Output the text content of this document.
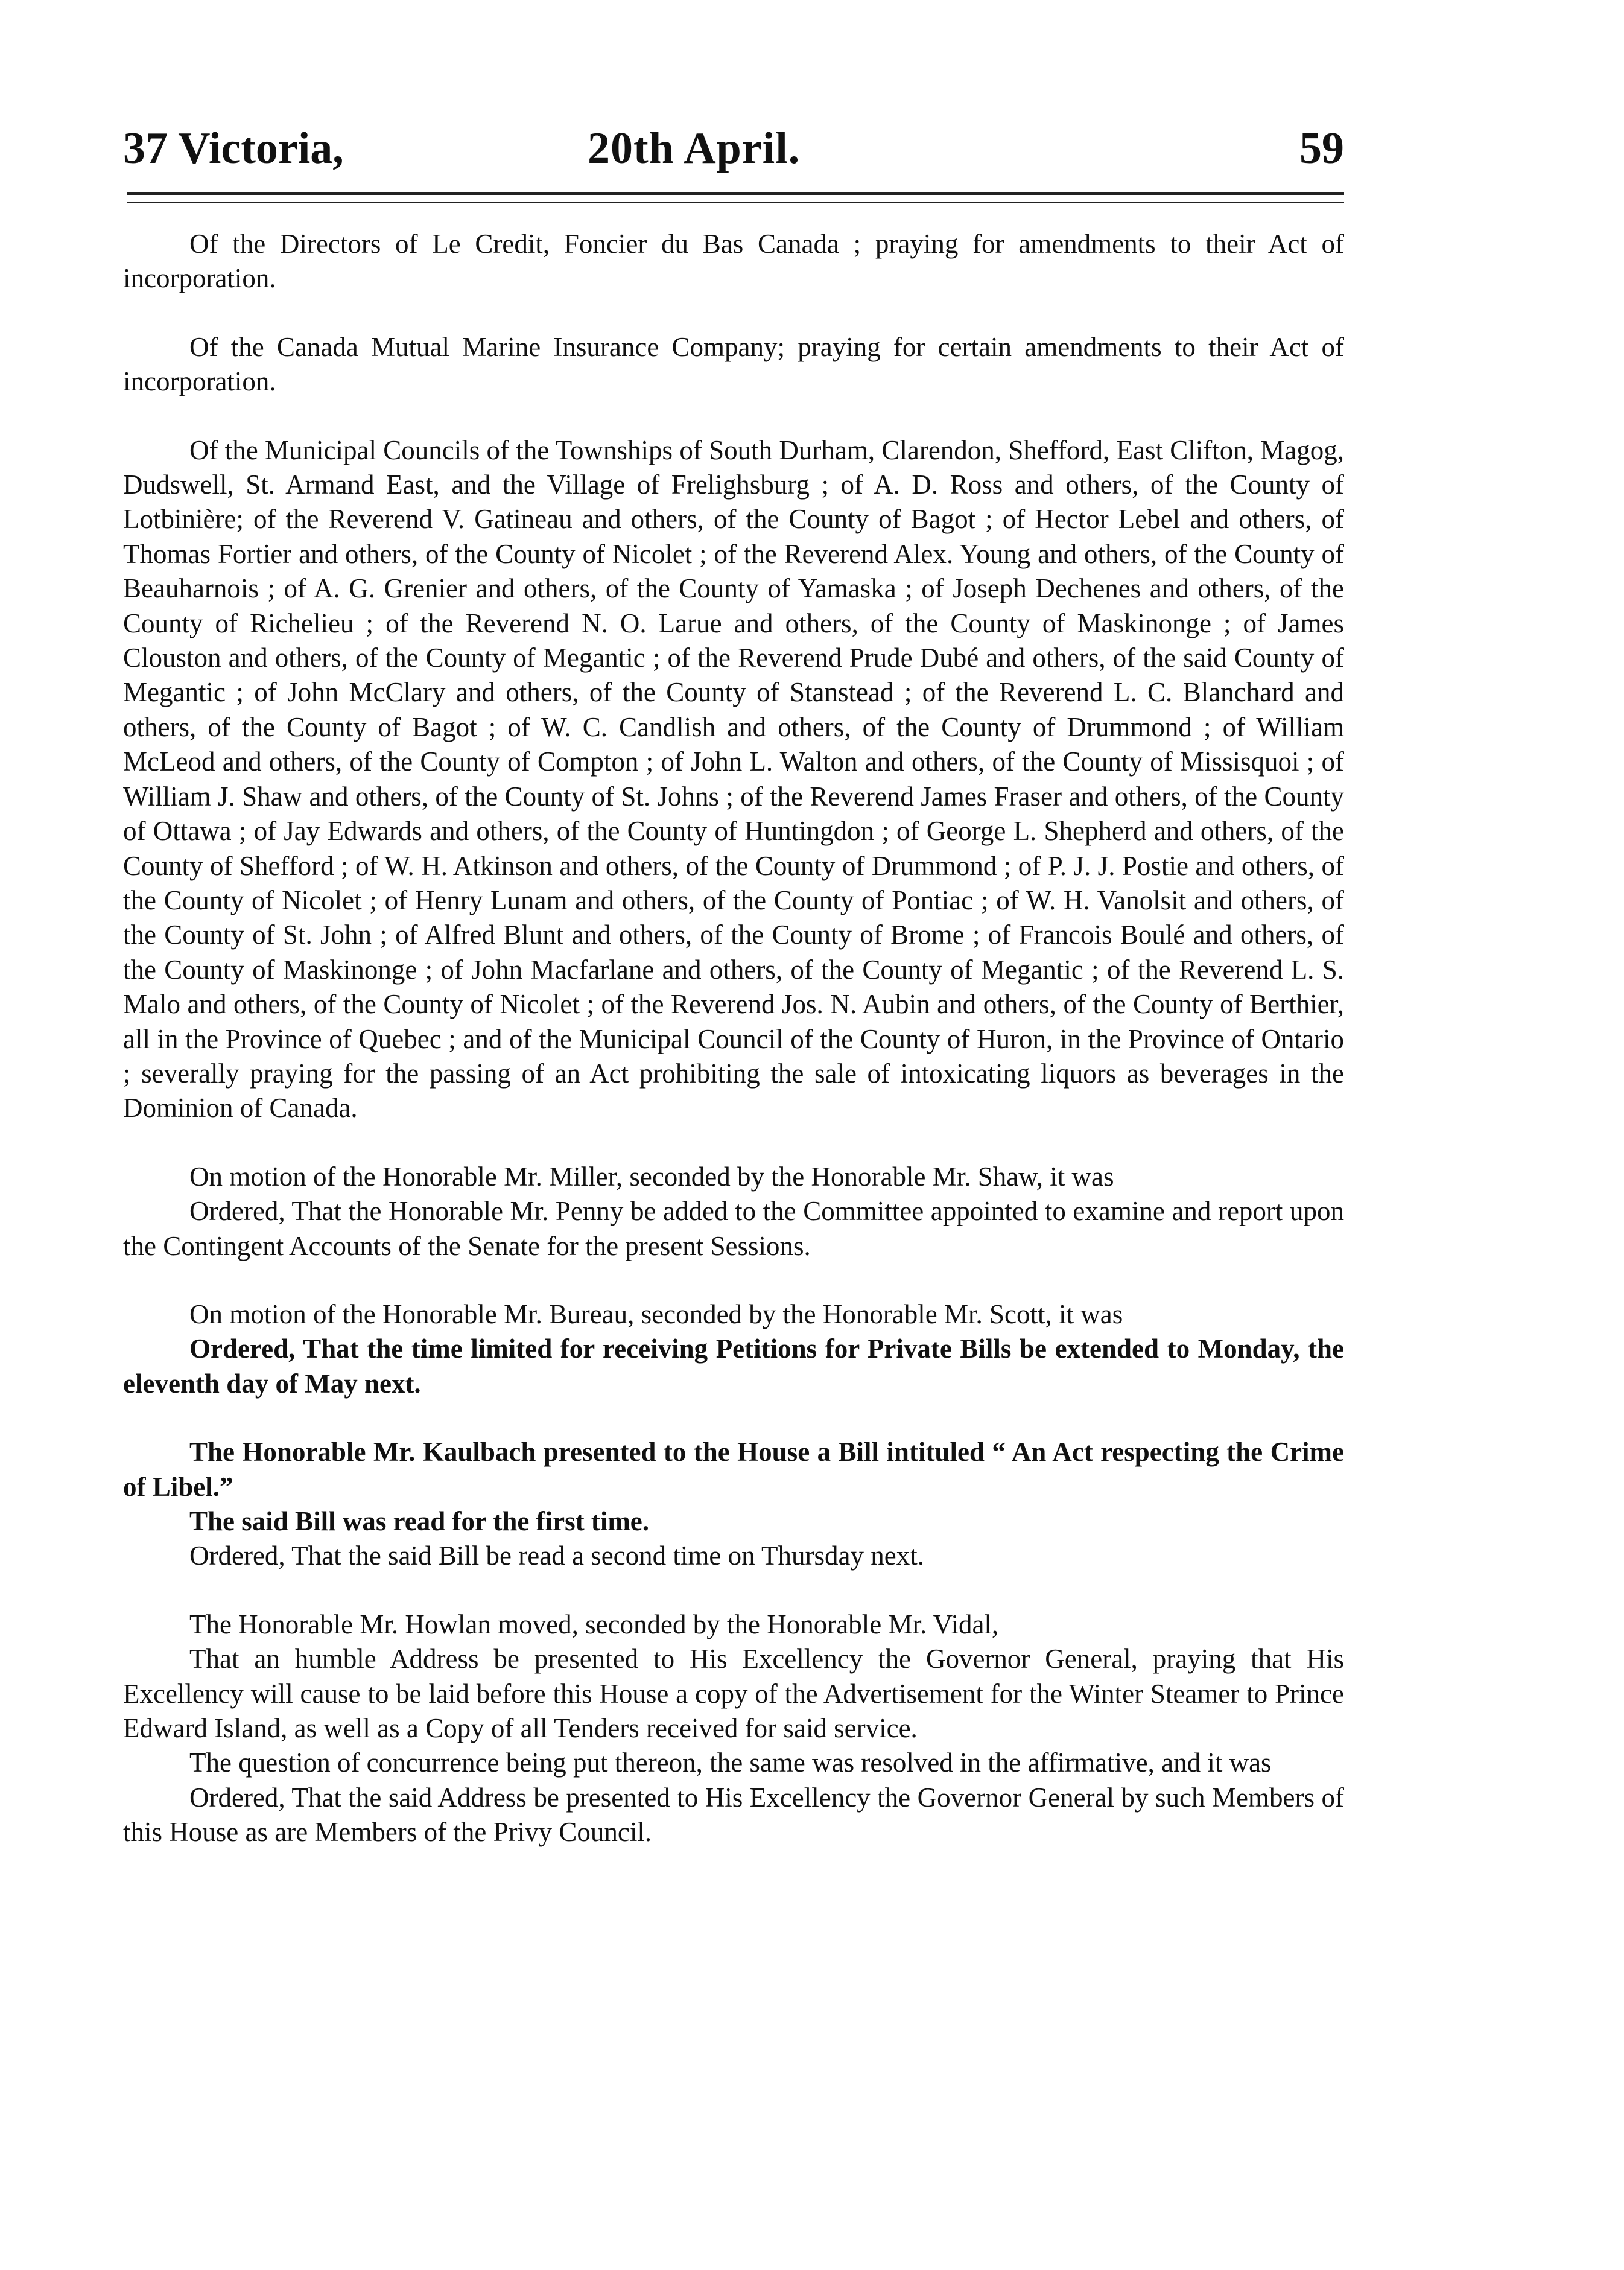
37 Victoria,	20th April.	59

Of the Directors of Le Credit, Foncier du Bas Canada ; praying for amendments to their Act of incorporation.

Of the Canada Mutual Marine Insurance Company; praying for certain amendments to their Act of incorporation.

Of the Municipal Councils of the Townships of South Durham, Clarendon, Shefford, East Clifton, Magog, Dudswell, St. Armand East, and the Village of Frelighsburg ; of A. D. Ross and others, of the County of Lotbinière; of the Reverend V. Gatineau and others, of the County of Bagot ; of Hector Lebel and others, of Thomas Fortier and others, of the County of Nicolet ; of the Reverend Alex. Young and others, of the County of Beauharnois ; of A. G. Grenier and others, of the County of Yamaska ; of Joseph Dechenes and others, of the County of Richelieu ; of the Reverend N. O. Larue and others, of the County of Maskinonge ; of James Clouston and others, of the County of Megantic ; of the Reverend Prude Dubé and others, of the said County of Megantic ; of John McClary and others, of the County of Stanstead ; of the Reverend L. C. Blanchard and others, of the County of Bagot ; of W. C. Candlish and others, of the County of Drummond ; of William McLeod and others, of the County of Compton ; of John L. Walton and others, of the County of Missisquoi ; of William J. Shaw and others, of the County of St. Johns ; of the Reverend James Fraser and others, of the County of Ottawa ; of Jay Edwards and others, of the County of Huntingdon ; of George L. Shepherd and others, of the County of Shefford ; of W. H. Atkinson and others, of the County of Drummond ; of P. J. J. Postie and others, of the County of Nicolet ; of Henry Lunam and others, of the County of Pontiac ; of W. H. Vanolsit and others, of the County of St. John ; of Alfred Blunt and others, of the County of Brome ; of Francois Boulé and others, of the County of Maskinonge ; of John Macfarlane and others, of the County of Megantic ; of the Reverend L. S. Malo and others, of the County of Nicolet ; of the Reverend Jos. N. Aubin and others, of the County of Berthier, all in the Province of Quebec ; and of the Municipal Council of the County of Huron, in the Province of Ontario ; severally praying for the passing of an Act prohibiting the sale of intoxicating liquors as beverages in the Dominion of Canada.

On motion of the Honorable Mr. Miller, seconded by the Honorable Mr. Shaw, it was

Ordered, That the Honorable Mr. Penny be added to the Committee appointed to examine and report upon the Contingent Accounts of the Senate for the present Sessions.

On motion of the Honorable Mr. Bureau, seconded by the Honorable Mr. Scott, it was

Ordered, That the time limited for receiving Petitions for Private Bills be extended to Monday, the eleventh day of May next.

The Honorable Mr. Kaulbach presented to the House a Bill intituled “ An Act respecting the Crime of Libel.”

The said Bill was read for the first time.

Ordered, That the said Bill be read a second time on Thursday next.

The Honorable Mr. Howlan moved, seconded by the Honorable Mr. Vidal,

That an humble Address be presented to His Excellency the Governor General, praying that His Excellency will cause to be laid before this House a copy of the Advertisement for the Winter Steamer to Prince Edward Island, as well as a Copy of all Tenders received for said service.

The question of concurrence being put thereon, the same was resolved in the affirmative, and it was

Ordered, That the said Address be presented to His Excellency the Governor General by such Members of this House as are Members of the Privy Council.
